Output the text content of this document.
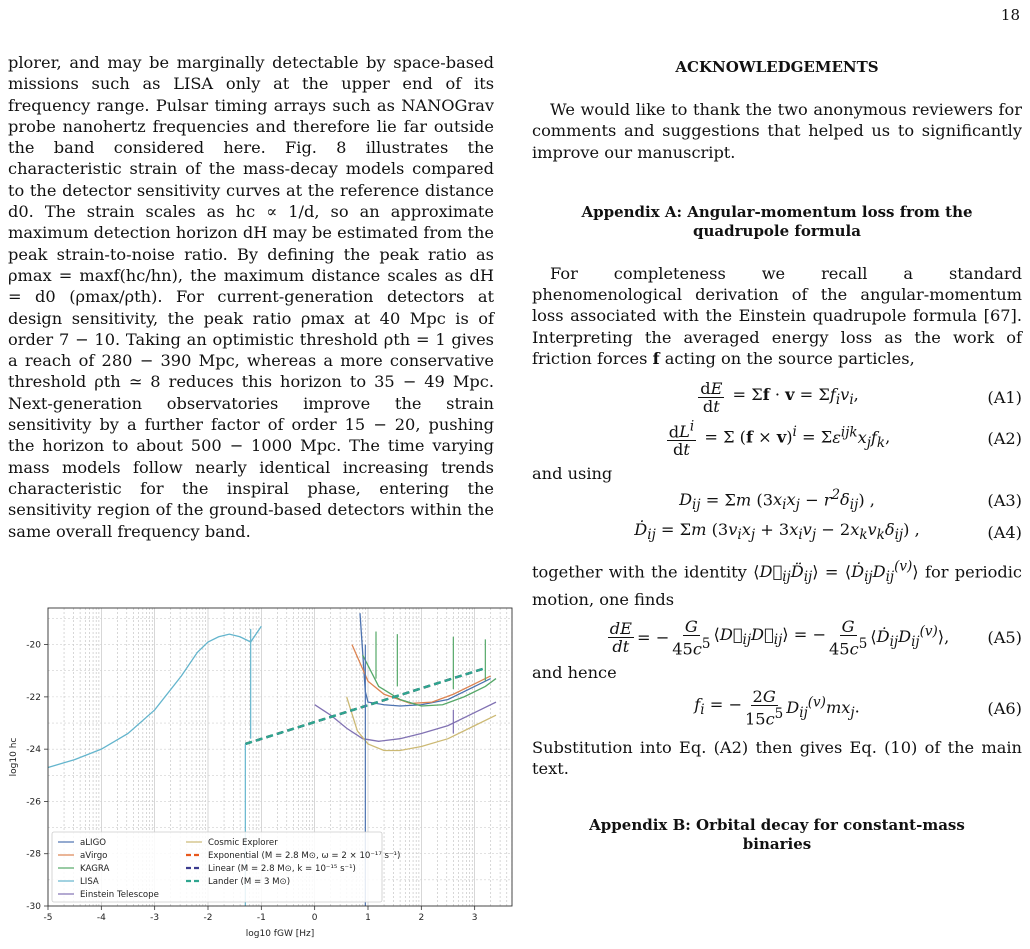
18

plorer, and may be marginally detectable by space-based missions such as LISA only at the upper end of its frequency range. Pulsar timing arrays such as NANOGrav probe nanohertz frequencies and therefore lie far outside the band considered here. Fig. 8 illustrates the characteristic strain of the mass-decay models compared to the detector sensitivity curves at the reference distance d0. The strain scales as hc ∝ 1/d, so an approximate maximum detection horizon dH may be estimated from the peak strain-to-noise ratio. By defining the peak ratio as ρmax = maxf(hc/hn), the maximum distance scales as dH = d0 (ρmax/ρth). For current-generation detectors at design sensitivity, the peak ratio ρmax at 40 Mpc is of order 7 − 10. Taking an optimistic threshold ρth = 1 gives a reach of 280 − 390 Mpc, whereas a more conservative threshold ρth ≃ 8 reduces this horizon to 35 − 49 Mpc. Next-generation observatories improve the strain sensitivity by a further factor of order 15 − 20, pushing the horizon to about 500 − 1000 Mpc. The time varying mass models follow nearly identical increasing trends characteristic for the inspiral phase, entering the sensitivity region of the ground-based detectors within the same overall frequency band.

ACKNOWLEDGEMENTS

We would like to thank the two anonymous reviewers for comments and suggestions that helped us to significantly improve our manuscript.

Appendix A: Angular-momentum loss from the
quadrupole formula

For completeness we recall a standard phenomenological derivation of the angular-momentum loss associated with the Einstein quadrupole formula [67]. Interpreting the averaged energy loss as the work of friction forces f acting on the source particles,

$\frac{dE}{dt} = \Sigma f \cdot v = \Sigma f_iv_i$,	(A1)
$\frac{dL^i}{dt} = \Sigma$ $(f \times v)^i = \Sigma\varepsilon^{ijk}x_jf_k$,	(A2)

and using

$D_{ij} = \Sigma m$ $(3x_ix_j - r^2\delta_{ij})$ ,	(A3)
Ḋ$_{ij}$ = Σm $(3v_ix_j + 3x_iv_j - 2x_kv_k\delta_{ij})$ ,	(A4)

together with the identity $⟨D⃛_{ij}D̈_{ij}⟩$ = $⟨Ḋ_{ij}D_{ij}^{(v)}⟩$ for periodic motion, one finds

$\frac{dE}{dt}$ = − $\frac{G}{45c^5}$ $⟨D⃛_{ij}D⃛_{ij}⟩$ = − $\frac{G}{45c^5}$ $⟨Ḋ_{ij}D_{ij}^{(v)}⟩$, (A5)

and hence

$f_i$ = − $\frac{2G}{15c^5} D_{ij}^{(v)}mx_j$.	(A6)

Substitution into Eq. (A2) then gives Eq. (10) of the main text.

Appendix B: Orbital decay for constant-mass
binaries
-5	-4	-3	-2	-1	0	1	2	3
-30
-28
-26
-24
-22
-20
log10 fGW [Hz]
log10 hc
aLIGO
aVirgo
KAGRA
LISA
Einstein Telescope
Cosmic Explorer
Exponential (M = 2.8 M⊙, ω = 2 × 10⁻¹⁷ s⁻¹)
Linear (M = 2.8 M⊙, k = 10⁻¹⁵ s⁻¹)
Lander (M = 3 M⊙)
